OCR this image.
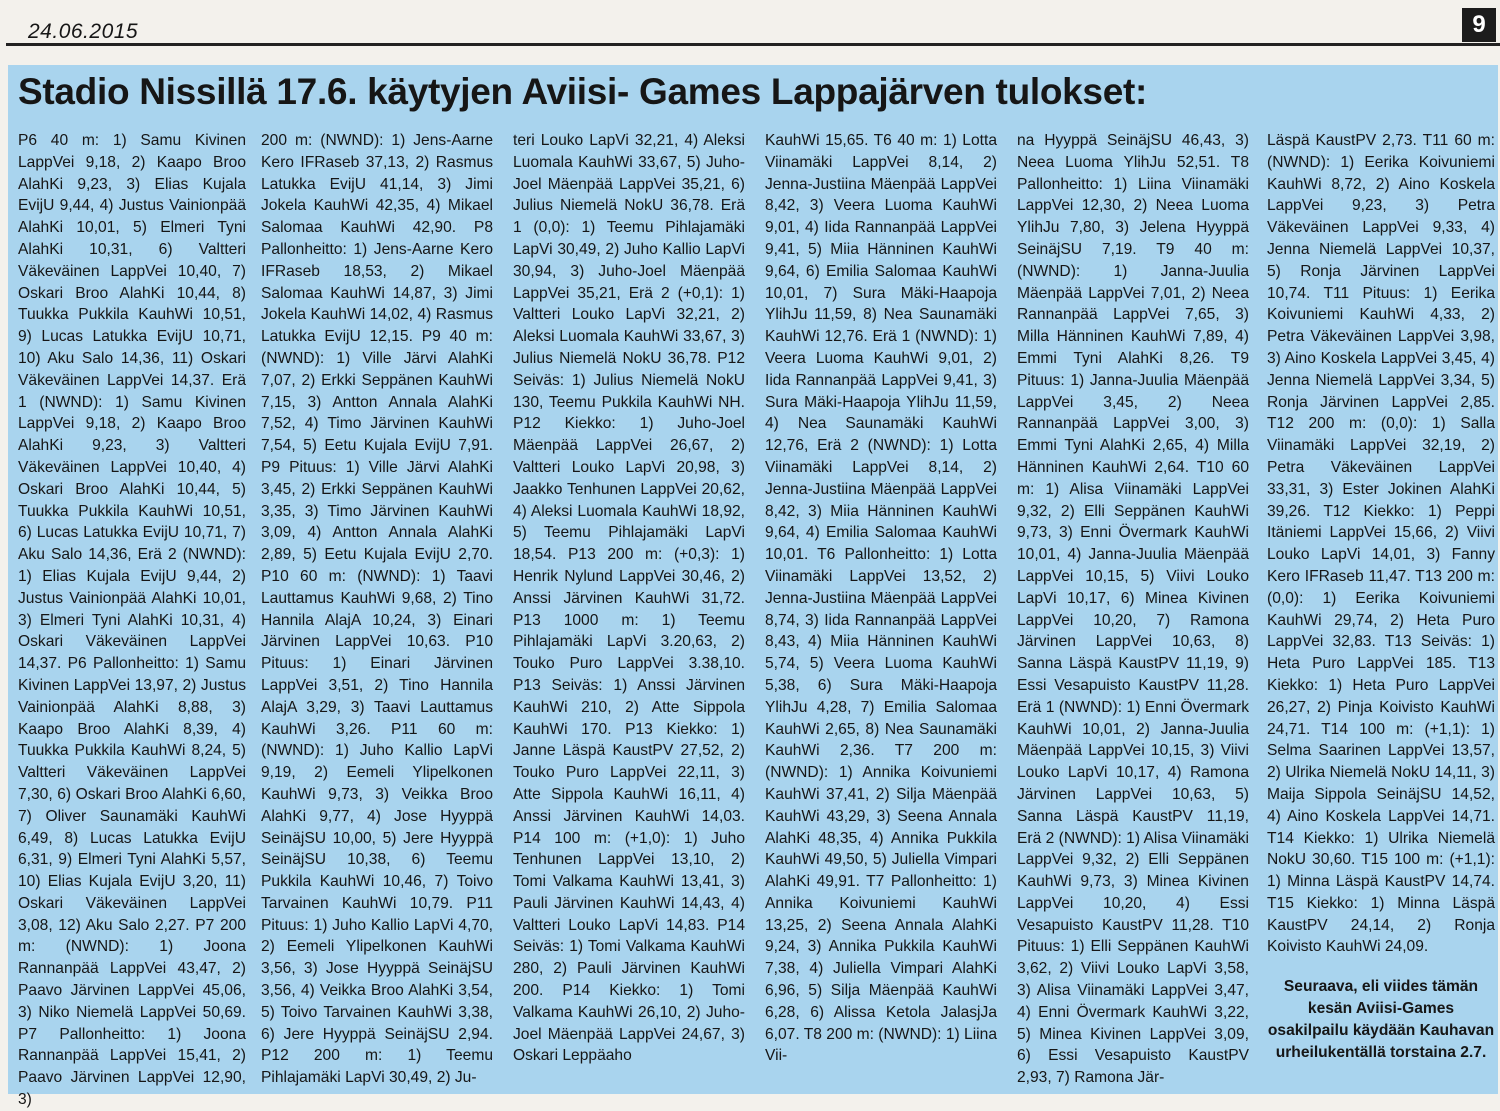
24.06.2015	9
Stadio Nissillä 17.6. käytyjen Aviisi- Games Lappajärven tulokset:

P6 40 m: 1) Samu Kivinen LappVei 9,18, 2) Kaapo Broo AlahKi 9,23, 3) Elias Kujala EvijU 9,44, 4) Justus Vainionpää AlahKi 10,01, 5) Elmeri Tyni AlahKi 10,31, 6) Valtteri Väkeväinen LappVei 10,40, 7) Oskari Broo AlahKi 10,44, 8) Tuukka Pukkila KauhWi 10,51, 9) Lucas Latukka EvijU 10,71, 10) Aku Salo 14,36, 11) Oskari Väkeväinen LappVei 14,37. Erä 1 (NWND): 1) Samu Kivinen LappVei 9,18, 2) Kaapo Broo AlahKi 9,23, 3) Valtteri Väkeväinen LappVei 10,40, 4) Oskari Broo AlahKi 10,44, 5) Tuukka Pukkila KauhWi 10,51, 6) Lucas Latukka EvijU 10,71, 7) Aku Salo 14,36, Erä 2 (NWND): 1) Elias Kujala EvijU 9,44, 2) Justus Vainionpää AlahKi 10,01, 3) Elmeri Tyni AlahKi 10,31, 4) Oskari Väkeväinen LappVei 14,37. P6 Pallonheitto: 1) Samu Kivinen LappVei 13,97, 2) Justus Vainionpää AlahKi 8,88, 3) Kaapo Broo AlahKi 8,39, 4) Tuukka Pukkila KauhWi 8,24, 5) Valtteri Väkeväinen LappVei 7,30, 6) Oskari Broo AlahKi 6,60, 7) Oliver Saunamäki KauhWi 6,49, 8) Lucas Latukka EvijU 6,31, 9) Elmeri Tyni AlahKi 5,57, 10) Elias Kujala EvijU 3,20, 11) Oskari Väkeväinen LappVei 3,08, 12) Aku Salo 2,27. P7 200 m: (NWND): 1) Joona Rannanpää LappVei 43,47, 2) Paavo Järvinen LappVei 45,06, 3) Niko Niemelä LappVei 50,69. P7 Pallonheitto: 1) Joona Rannanpää LappVei 15,41, 2) Paavo Järvinen LappVei 12,90, 3)

200 m: (NWND): 1) Jens-Aarne Kero IFRaseb 37,13, 2) Rasmus Latukka EvijU 41,14, 3) Jimi Jokela KauhWi 42,35, 4) Mikael Salomaa KauhWi 42,90. P8 Pallonheitto: 1) Jens-Aarne Kero IFRaseb 18,53, 2) Mikael Salomaa KauhWi 14,87, 3) Jimi Jokela KauhWi 14,02, 4) Rasmus Latukka EvijU 12,15. P9 40 m: (NWND): 1) Ville Järvi AlahKi 7,07, 2) Erkki Seppänen KauhWi 7,15, 3) Antton Annala AlahKi 7,52, 4) Timo Järvinen KauhWi 7,54, 5) Eetu Kujala EvijU 7,91. P9 Pituus: 1) Ville Järvi AlahKi 3,45, 2) Erkki Seppänen KauhWi 3,35, 3) Timo Järvinen KauhWi 3,09, 4) Antton Annala AlahKi 2,89, 5) Eetu Kujala EvijU 2,70. P10 60 m: (NWND): 1) Taavi Lauttamus KauhWi 9,68, 2) Tino Hannila AlajA 10,24, 3) Einari Järvinen LappVei 10,63. P10 Pituus: 1) Einari Järvinen LappVei 3,51, 2) Tino Hannila AlajA 3,29, 3) Taavi Lauttamus KauhWi 3,26. P11 60 m: (NWND): 1) Juho Kallio LapVi 9,19, 2) Eemeli Ylipelkonen KauhWi 9,73, 3) Veikka Broo AlahKi 9,77, 4) Jose Hyyppä SeinäjSU 10,00, 5) Jere Hyyppä SeinäjSU 10,38, 6) Teemu Pukkila KauhWi 10,46, 7) Toivo Tarvainen KauhWi 10,79. P11 Pituus: 1) Juho Kallio LapVi 4,70, 2) Eemeli Ylipelkonen KauhWi 3,56, 3) Jose Hyyppä SeinäjSU 3,56, 4) Veikka Broo AlahKi 3,54, 5) Toivo Tarvainen KauhWi 3,38, 6) Jere Hyyppä SeinäjSU 2,94. P12 200 m: 1) Teemu Pihlajamäki LapVi 30,49, 2) Ju-

teri Louko LapVi 32,21, 4) Aleksi Luomala KauhWi 33,67, 5) Juho-Joel Mäenpää LappVei 35,21, 6) Julius Niemelä NokU 36,78. Erä 1 (0,0): 1) Teemu Pihlajamäki LapVi 30,49, 2) Juho Kallio LapVi 30,94, 3) Juho-Joel Mäenpää LappVei 35,21, Erä 2 (+0,1): 1) Valtteri Louko LapVi 32,21, 2) Aleksi Luomala KauhWi 33,67, 3) Julius Niemelä NokU 36,78. P12 Seiväs: 1) Julius Niemelä NokU 130, Teemu Pukkila KauhWi NH. P12 Kiekko: 1) Juho-Joel Mäenpää LappVei 26,67, 2) Valtteri Louko LapVi 20,98, 3) Jaakko Tenhunen LappVei 20,62, 4) Aleksi Luomala KauhWi 18,92, 5) Teemu Pihlajamäki LapVi 18,54. P13 200 m: (+0,3): 1) Henrik Nylund LappVei 30,46, 2) Anssi Järvinen KauhWi 31,72. P13 1000 m: 1) Teemu Pihlajamäki LapVi 3.20,63, 2) Touko Puro LappVei 3.38,10. P13 Seiväs: 1) Anssi Järvinen KauhWi 210, 2) Atte Sippola KauhWi 170. P13 Kiekko: 1) Janne Läspä KaustPV 27,52, 2) Touko Puro LappVei 22,11, 3) Atte Sippola KauhWi 16,11, 4) Anssi Järvinen KauhWi 14,03. P14 100 m: (+1,0): 1) Juho Tenhunen LappVei 13,10, 2) Tomi Valkama KauhWi 13,41, 3) Pauli Järvinen KauhWi 14,43, 4) Valtteri Louko LapVi 14,83. P14 Seiväs: 1) Tomi Valkama KauhWi 280, 2) Pauli Järvinen KauhWi 200. P14 Kiekko: 1) Tomi Valkama KauhWi 26,10, 2) Juho-Joel Mäenpää LappVei 24,67, 3) Oskari Leppäaho

KauhWi 15,65. T6 40 m: 1) Lotta Viinamäki LappVei 8,14, 2) Jenna-Justiina Mäenpää LappVei 8,42, 3) Veera Luoma KauhWi 9,01, 4) Iida Rannanpää LappVei 9,41, 5) Miia Hänninen KauhWi 9,64, 6) Emilia Salomaa KauhWi 10,01, 7) Sura Mäki-Haapoja YlihJu 11,59, 8) Nea Saunamäki KauhWi 12,76. Erä 1 (NWND): 1) Veera Luoma KauhWi 9,01, 2) Iida Rannanpää LappVei 9,41, 3) Sura Mäki-Haapoja YlihJu 11,59, 4) Nea Saunamäki KauhWi 12,76, Erä 2 (NWND): 1) Lotta Viinamäki LappVei 8,14, 2) Jenna-Justiina Mäenpää LappVei 8,42, 3) Miia Hänninen KauhWi 9,64, 4) Emilia Salomaa KauhWi 10,01. T6 Pallonheitto: 1) Lotta Viinamäki LappVei 13,52, 2) Jenna-Justiina Mäenpää LappVei 8,74, 3) Iida Rannanpää LappVei 8,43, 4) Miia Hänninen KauhWi 5,74, 5) Veera Luoma KauhWi 5,38, 6) Sura Mäki-Haapoja YlihJu 4,28, 7) Emilia Salomaa KauhWi 2,65, 8) Nea Saunamäki KauhWi 2,36. T7 200 m: (NWND): 1) Annika Koivuniemi KauhWi 37,41, 2) Silja Mäenpää KauhWi 43,29, 3) Seena Annala AlahKi 48,35, 4) Annika Pukkila KauhWi 49,50, 5) Juliella Vimpari AlahKi 49,91. T7 Pallonheitto: 1) Annika Koivuniemi KauhWi 13,25, 2) Seena Annala AlahKi 9,24, 3) Annika Pukkila KauhWi 7,38, 4) Juliella Vimpari AlahKi 6,96, 5) Silja Mäenpää KauhWi 6,28, 6) Alissa Ketola JalasjJa 6,07. T8 200 m: (NWND): 1) Liina Vii-

na Hyyppä SeinäjSU 46,43, 3) Neea Luoma YlihJu 52,51. T8 Pallonheitto: 1) Liina Viinamäki LappVei 12,30, 2) Neea Luoma YlihJu 7,80, 3) Jelena Hyyppä SeinäjSU 7,19. T9 40 m: (NWND): 1) Janna-Juulia Mäenpää LappVei 7,01, 2) Neea Rannanpää LappVei 7,65, 3) Milla Hänninen KauhWi 7,89, 4) Emmi Tyni AlahKi 8,26. T9 Pituus: 1) Janna-Juulia Mäenpää LappVei 3,45, 2) Neea Rannanpää LappVei 3,00, 3) Emmi Tyni AlahKi 2,65, 4) Milla Hänninen KauhWi 2,64. T10 60 m: 1) Alisa Viinamäki LappVei 9,32, 2) Elli Seppänen KauhWi 9,73, 3) Enni Övermark KauhWi 10,01, 4) Janna-Juulia Mäenpää LappVei 10,15, 5) Viivi Louko LapVi 10,17, 6) Minea Kivinen LappVei 10,20, 7) Ramona Järvinen LappVei 10,63, 8) Sanna Läspä KaustPV 11,19, 9) Essi Vesapuisto KaustPV 11,28. Erä 1 (NWND): 1) Enni Övermark KauhWi 10,01, 2) Janna-Juulia Mäenpää LappVei 10,15, 3) Viivi Louko LapVi 10,17, 4) Ramona Järvinen LappVei 10,63, 5) Sanna Läspä KaustPV 11,19, Erä 2 (NWND): 1) Alisa Viinamäki LappVei 9,32, 2) Elli Seppänen KauhWi 9,73, 3) Minea Kivinen LappVei 10,20, 4) Essi Vesapuisto KaustPV 11,28. T10 Pituus: 1) Elli Seppänen KauhWi 3,62, 2) Viivi Louko LapVi 3,58, 3) Alisa Viinamäki LappVei 3,47, 4) Enni Övermark KauhWi 3,22, 5) Minea Kivinen LappVei 3,09, 6) Essi Vesapuisto KaustPV 2,93, 7) Ramona Jär-

Läspä KaustPV 2,73. T11 60 m: (NWND): 1) Eerika Koivuniemi KauhWi 8,72, 2) Aino Koskela LappVei 9,23, 3) Petra Väkeväinen LappVei 9,33, 4) Jenna Niemelä LappVei 10,37, 5) Ronja Järvinen LappVei 10,74. T11 Pituus: 1) Eerika Koivuniemi KauhWi 4,33, 2) Petra Väkeväinen LappVei 3,98, 3) Aino Koskela LappVei 3,45, 4) Jenna Niemelä LappVei 3,34, 5) Ronja Järvinen LappVei 2,85. T12 200 m: (0,0): 1) Salla Viinamäki LappVei 32,19, 2) Petra Väkeväinen LappVei 33,31, 3) Ester Jokinen AlahKi 39,26. T12 Kiekko: 1) Peppi Itäniemi LappVei 15,66, 2) Viivi Louko LapVi 14,01, 3) Fanny Kero IFRaseb 11,47. T13 200 m: (0,0): 1) Eerika Koivuniemi KauhWi 29,74, 2) Heta Puro LappVei 32,83. T13 Seiväs: 1) Heta Puro LappVei 185. T13 Kiekko: 1) Heta Puro LappVei 26,27, 2) Pinja Koivisto KauhWi 24,71. T14 100 m: (+1,1): 1) Selma Saarinen LappVei 13,57, 2) Ulrika Niemelä NokU 14,11, 3) Maija Sippola SeinäjSU 14,52, 4) Aino Koskela LappVei 14,71. T14 Kiekko: 1) Ulrika Niemelä NokU 30,60. T15 100 m: (+1,1): 1) Minna Läspä KaustPV 14,74. T15 Kiekko: 1) Minna Läspä KaustPV 24,14, 2) Ronja Koivisto KauhWi 24,09.

Seuraava, eli viides tämän kesän Aviisi-Games osakilpailu käydään Kauhavan urheilukentällä torstaina 2.7.
